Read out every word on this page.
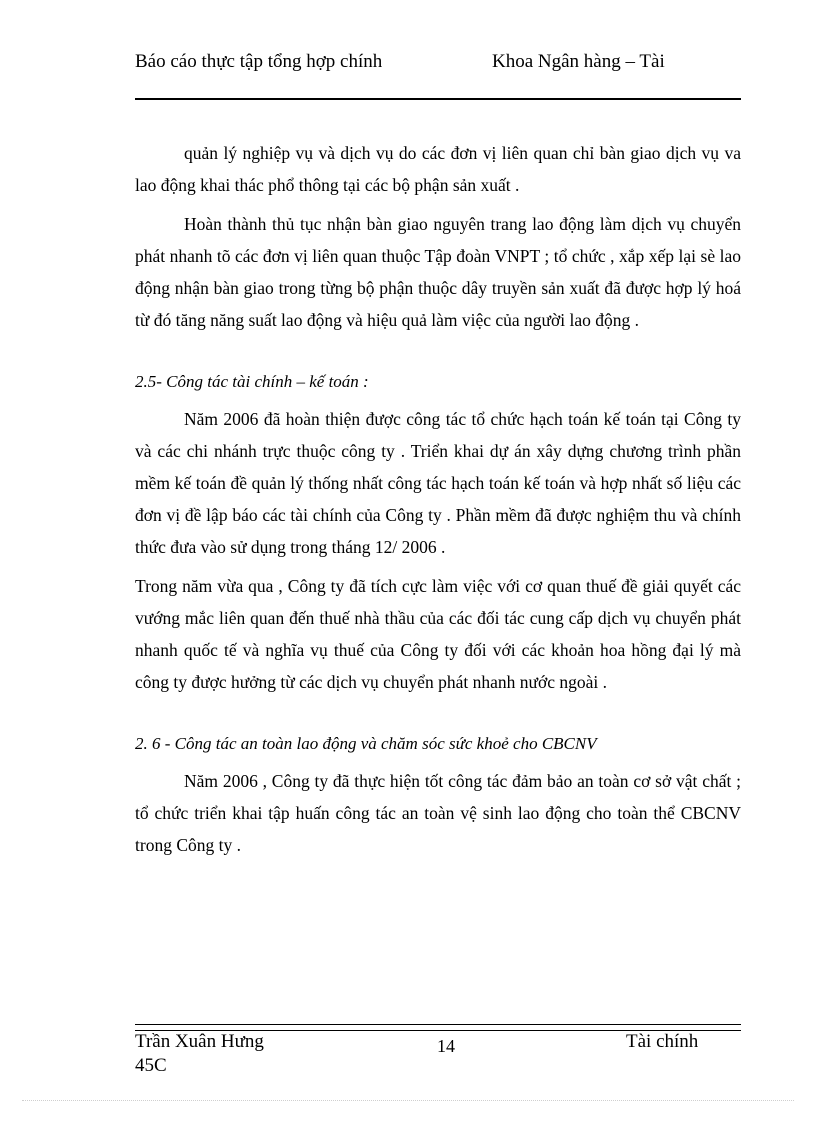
Báo cáo thực tập tổng hợp chính	Khoa Ngân hàng – Tài

quản lý nghiệp vụ và dịch vụ do các đơn vị liên quan chỉ bàn giao dịch vụ va lao động khai thác phổ thông tại các bộ phận sản xuất .

Hoàn thành thủ tục nhận bàn giao nguyên trang lao động làm dịch vụ chuyển phát nhanh tõ các đơn vị liên quan thuộc Tập đoàn VNPT ; tổ chức , xắp xếp lại sè lao động nhận bàn giao trong từng bộ phận thuộc dây truyền sản xuất đã được hợp lý hoá từ đó tăng năng suất lao động và hiệu quả làm việc của người lao động .

2.5- Công tác tài chính – kế toán :

Năm 2006 đã hoàn thiện được công tác tổ chức hạch toán kế toán tại Công ty và các chi nhánh trực thuộc công ty . Triển khai dự án xây dựng chương trình phần mềm kế toán đề quản lý thống nhất công tác hạch toán kế toán và hợp nhất số liệu các đơn vị đề lập báo các tài chính của Công ty . Phần mềm đã được nghiệm thu và chính thức đưa vào sử dụng trong tháng 12/ 2006 .

Trong năm vừa qua , Công ty đã tích cực làm việc với cơ quan thuế đề giải quyết các vướng mắc liên quan đến thuế nhà thầu của các đối tác cung cấp dịch vụ chuyển phát nhanh quốc tế và nghĩa vụ thuế của Công ty đối với các khoản hoa hồng đại lý mà công ty được hưởng từ các dịch vụ chuyển phát nhanh nước ngoài .

2. 6 - Công tác an toàn lao động và chăm sóc sức khoẻ cho CBCNV

Năm 2006 , Công ty đã thực hiện tốt công tác đảm bảo an toàn cơ sở vật chất ; tổ chức triển khai tập huấn công tác an toàn vệ sinh lao động cho toàn thể CBCNV trong Công ty .

Trần Xuân Hưng 45C
14	Tài chính
